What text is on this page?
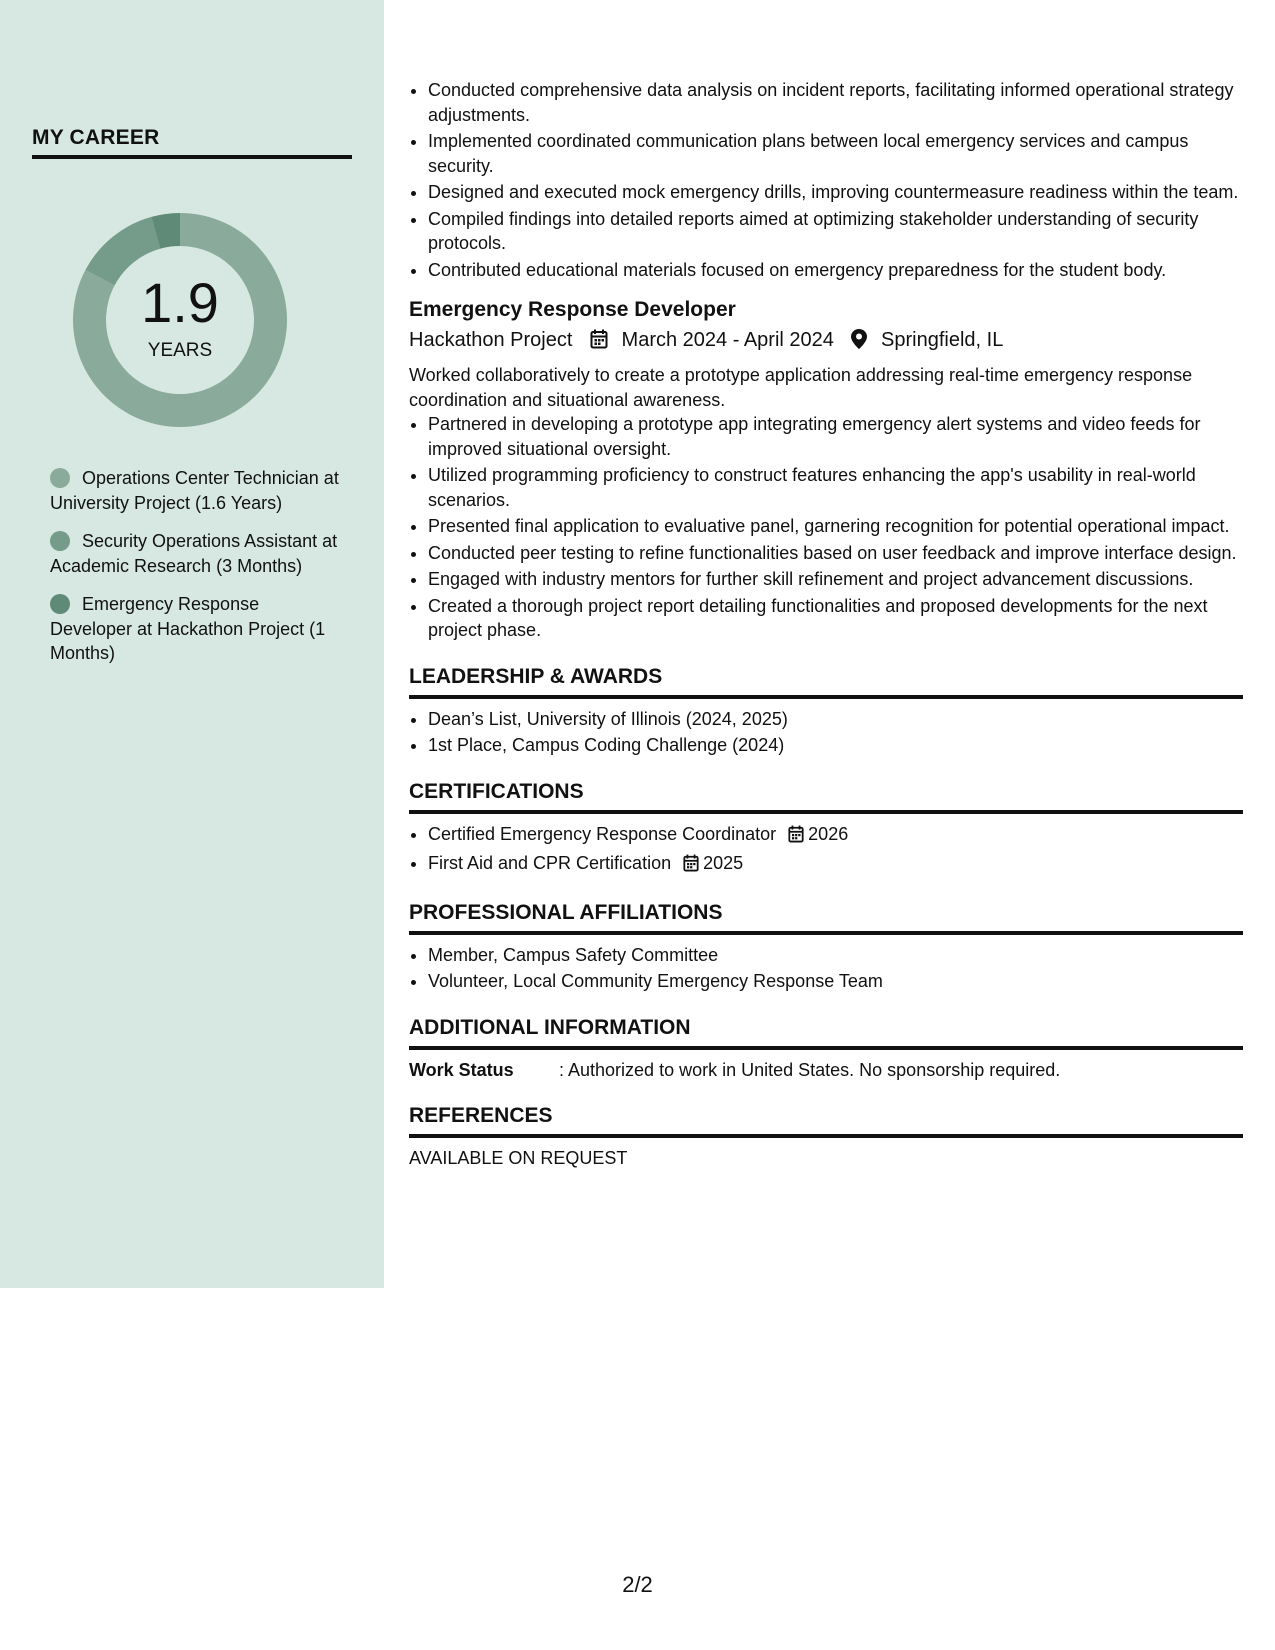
MY CAREER
1.9
YEARS
Operations Center Technician at University Project (1.6 Years)
Security Operations Assistant at Academic Research (3 Months)
Emergency Response Developer at Hackathon Project (1 Months)
• Conducted comprehensive data analysis on incident reports, facilitating informed operational strategy adjustments.
• Implemented coordinated communication plans between local emergency services and campus security.
• Designed and executed mock emergency drills, improving countermeasure readiness within the team.
• Compiled findings into detailed reports aimed at optimizing stakeholder understanding of security protocols.
• Contributed educational materials focused on emergency preparedness for the student body.
Emergency Response Developer
Hackathon Project March 2024 - April 2024 Springfield, IL
Worked collaboratively to create a prototype application addressing real-time emergency response coordination and situational awareness.
• Partnered in developing a prototype app integrating emergency alert systems and video feeds for improved situational oversight.
• Utilized programming proficiency to construct features enhancing the app's usability in real-world scenarios.
• Presented final application to evaluative panel, garnering recognition for potential operational impact.
• Conducted peer testing to refine functionalities based on user feedback and improve interface design.
• Engaged with industry mentors for further skill refinement and project advancement discussions.
• Created a thorough project report detailing functionalities and proposed developments for the next project phase.
LEADERSHIP & AWARDS
• Dean’s List, University of Illinois (2024, 2025)
• 1st Place, Campus Coding Challenge (2024)
CERTIFICATIONS
• Certified Emergency Response Coordinator 2026
• First Aid and CPR Certification 2025
PROFESSIONAL AFFILIATIONS
• Member, Campus Safety Committee
• Volunteer, Local Community Emergency Response Team
ADDITIONAL INFORMATION
Work Status	: Authorized to work in United States. No sponsorship required.
REFERENCES
AVAILABLE ON REQUEST
2/2
